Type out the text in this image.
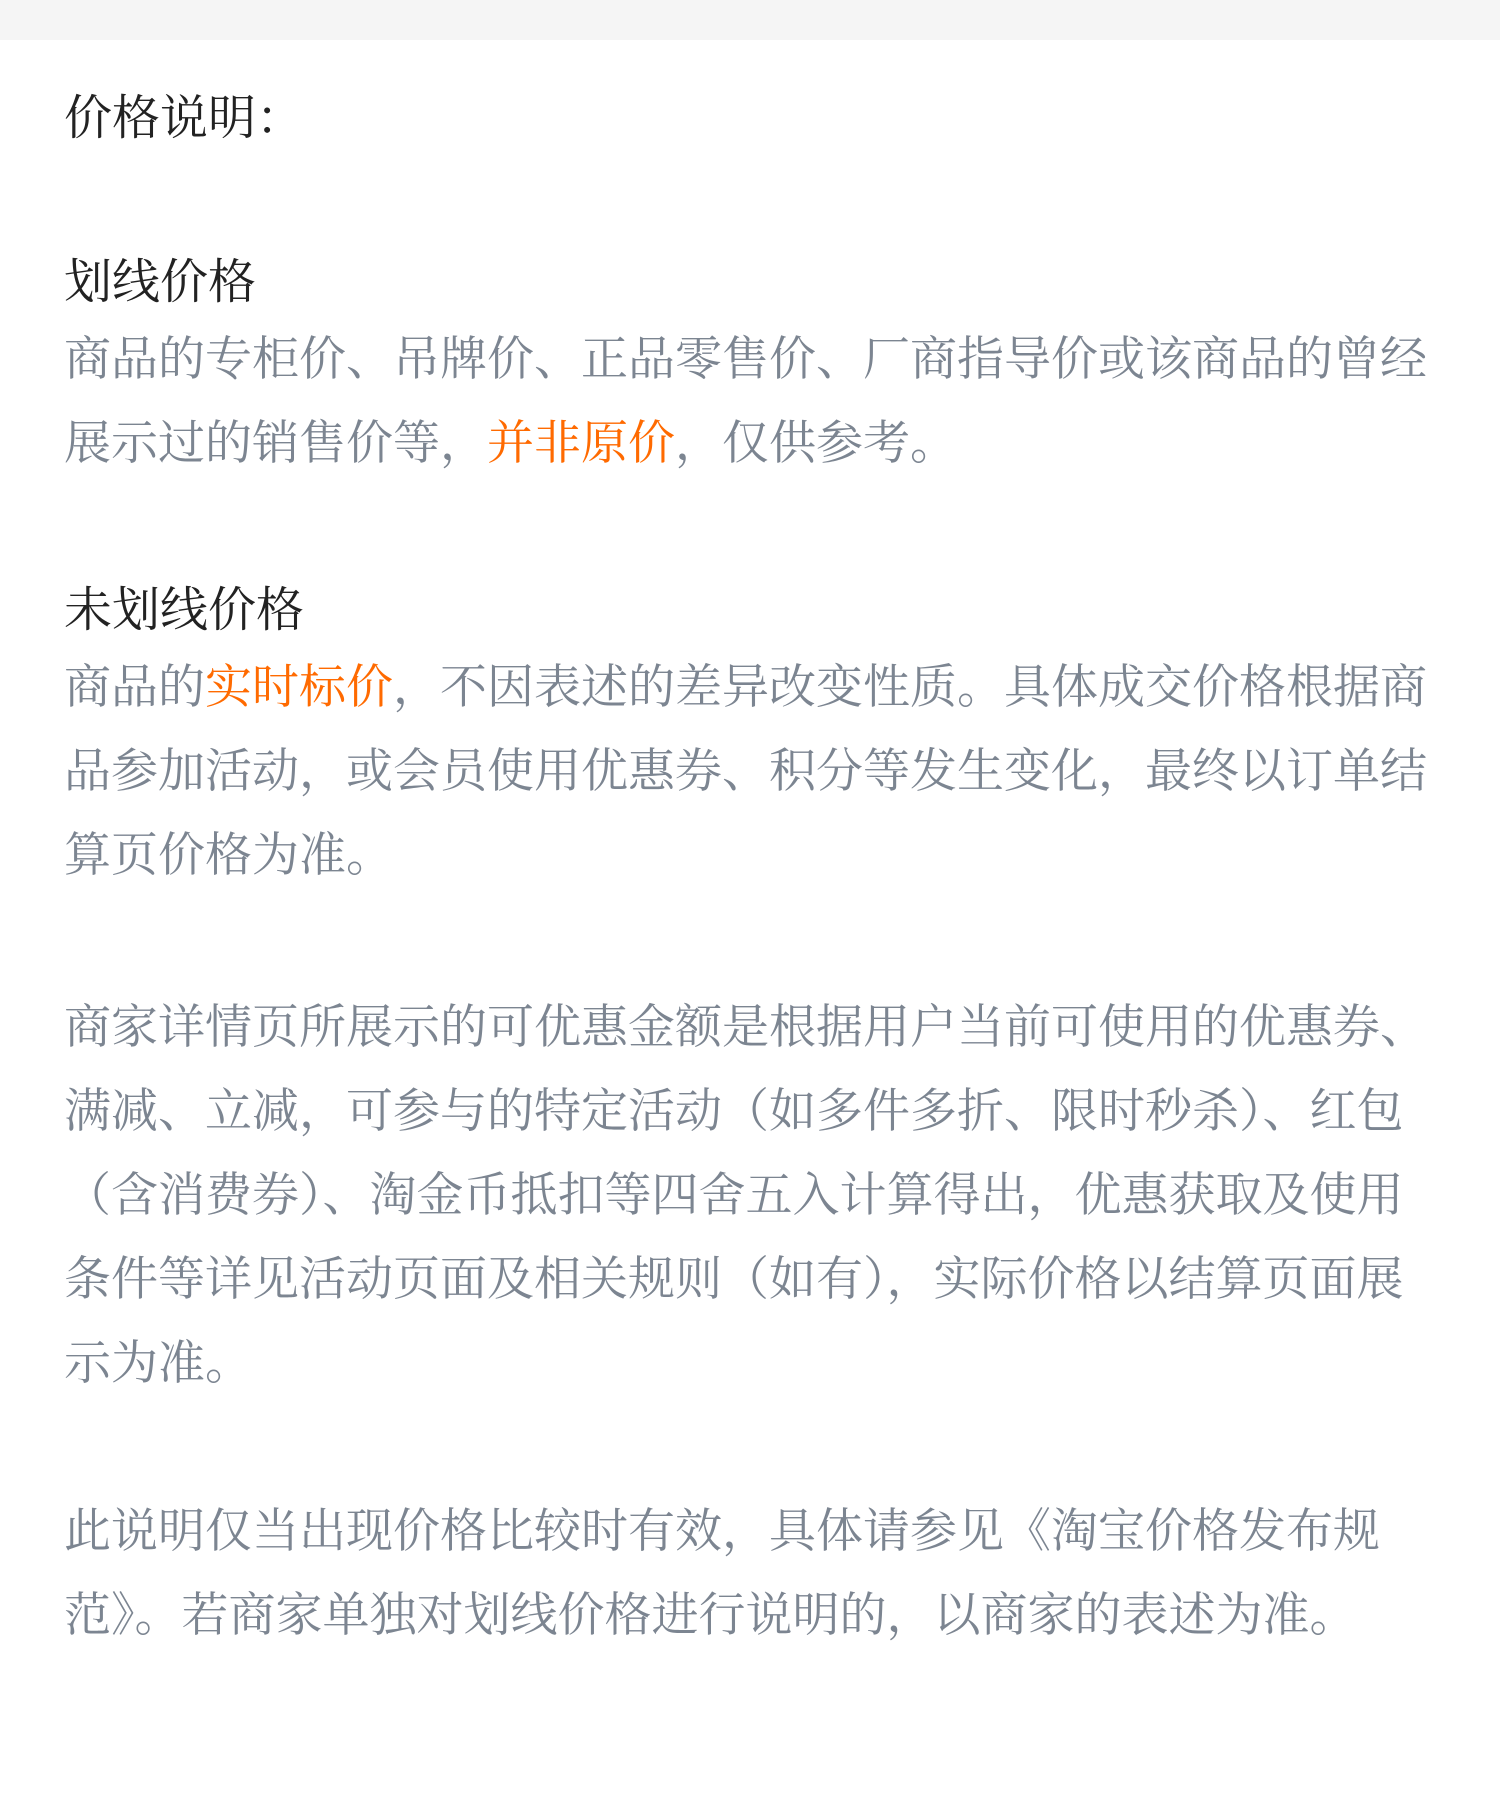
价格说明：
划线价格
商品的专柜价、吊牌价、正品零售价、厂商指导价或该商品的曾经展示过的销售价等，并非原价，仅供参考。
未划线价格
商品的实时标价，不因表述的差异改变性质。具体成交价格根据商品参加活动，或会员使用优惠券、积分等发生变化，最终以订单结算页价格为准。
商家详情页所展示的可优惠金额是根据用户当前可使用的优惠券、满减、立减，可参与的特定活动（如多件多折、限时秒杀）、红包（含消费券）、淘金币抵扣等四舍五入计算得出，优惠获取及使用条件等详见活动页面及相关规则（如有），实际价格以结算页面展示为准。
此说明仅当出现价格比较时有效，具体请参见《淘宝价格发布规范》。若商家单独对划线价格进行说明的，以商家的表述为准。
